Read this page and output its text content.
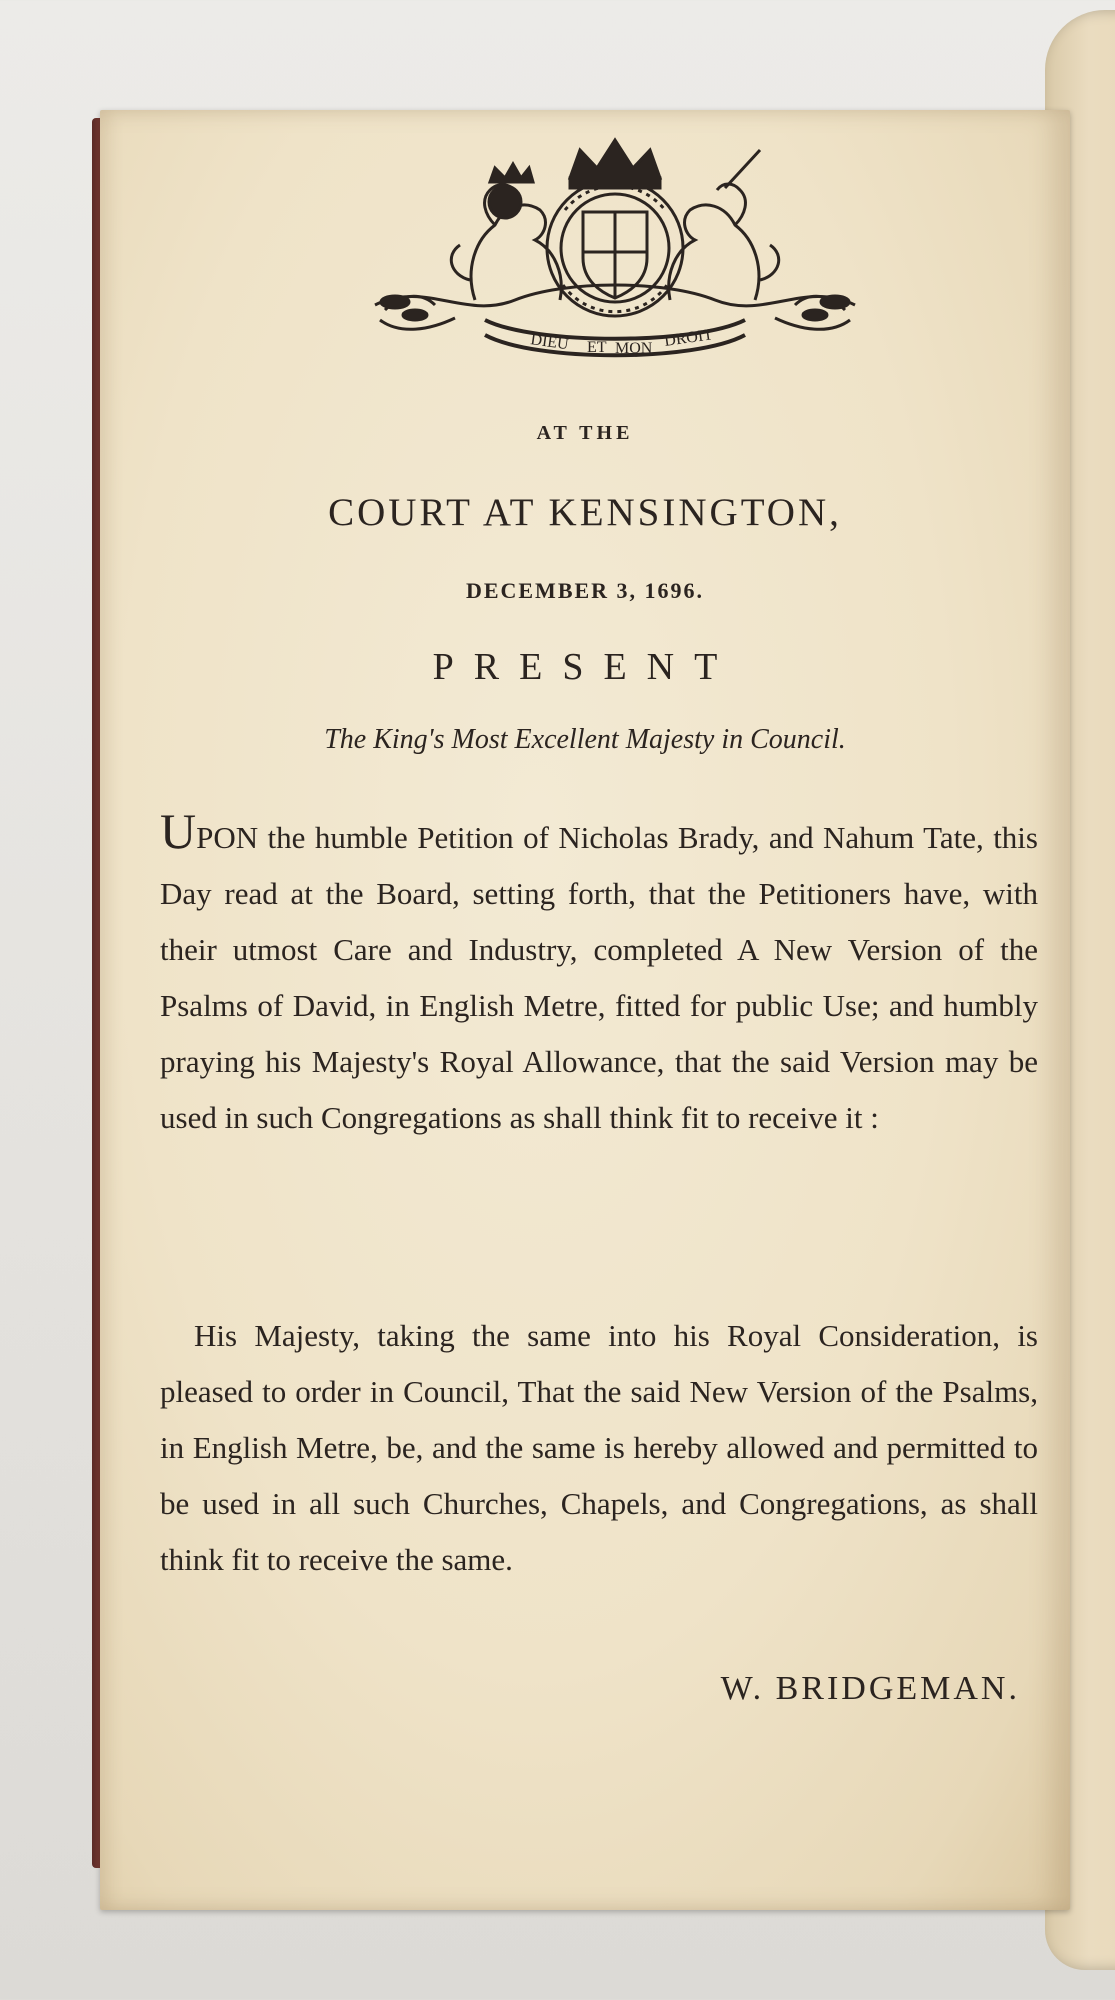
DIEU ET MON DROIT
AT THE
COURT AT KENSINGTON,
DECEMBER 3, 1696.
PRESENT
The King's Most Excellent Majesty in Council.
UPON the humble Petition of Nicholas Brady, and Nahum Tate, this Day read at the Board, setting forth, that the Petitioners have, with their utmost Care and Industry, completed A New Version of the Psalms of David, in English Metre, fitted for public Use; and humbly praying his Majesty's Royal Allowance, that the said Version may be used in such Congregations as shall think fit to receive it :
His Majesty, taking the same into his Royal Consideration, is pleased to order in Council, That the said New Version of the Psalms, in English Metre, be, and the same is hereby allowed and permitted to be used in all such Churches, Chapels, and Congregations, as shall think fit to receive the same.
W. BRIDGEMAN.
